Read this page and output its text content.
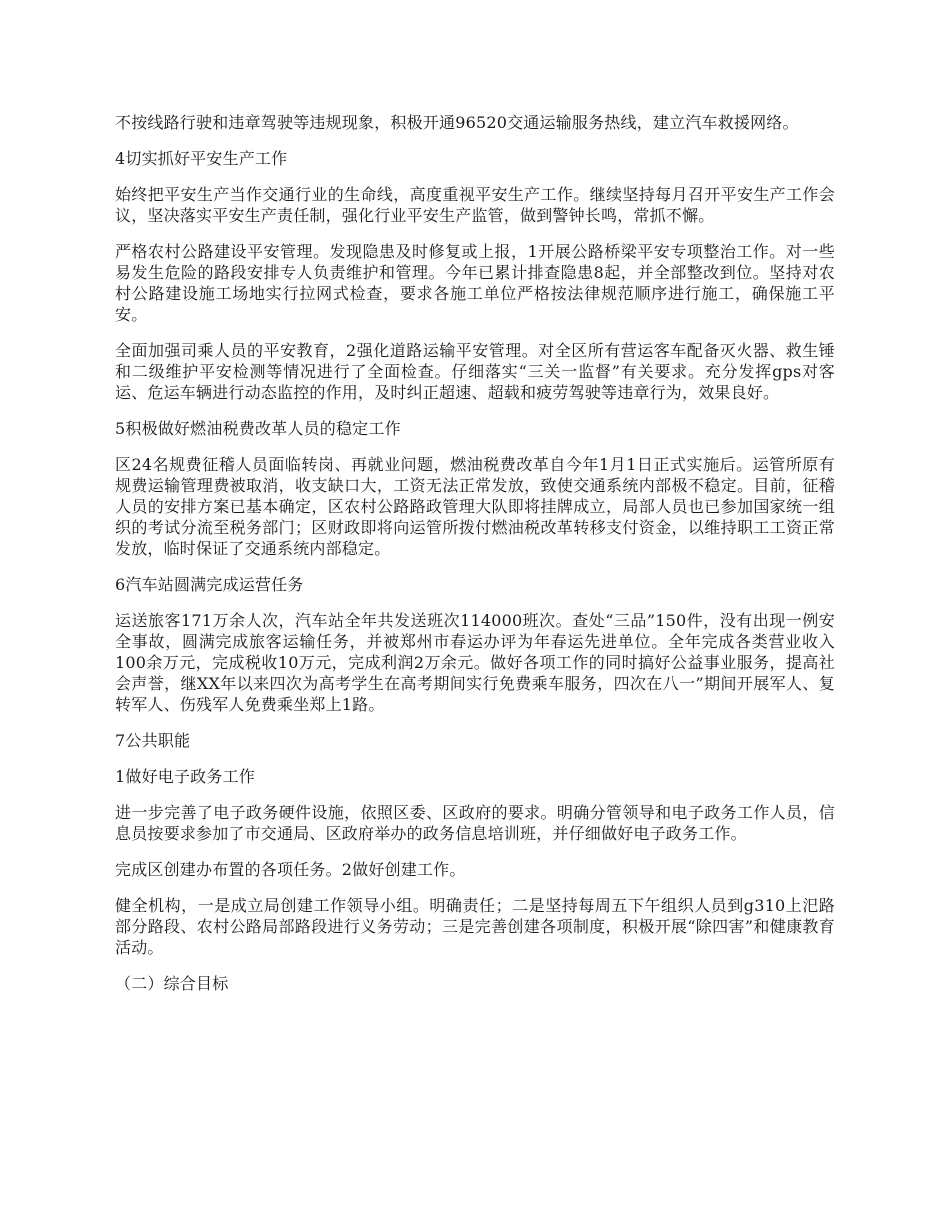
不按线路行驶和违章驾驶等违规现象，积极开通96520交通运输服务热线，建立汽车救援网络。

4切实抓好平安生产工作

始终把平安生产当作交通行业的生命线，高度重视平安生产工作。继续坚持每月召开平安生产工作会议，坚决落实平安生产责任制，强化行业平安生产监管，做到警钟长鸣，常抓不懈。

严格农村公路建设平安管理。发现隐患及时修复或上报，1开展公路桥梁平安专项整治工作。对一些易发生危险的路段安排专人负责维护和管理。今年已累计排查隐患8起，并全部整改到位。坚持对农村公路建设施工场地实行拉网式检查，要求各施工单位严格按法律规范顺序进行施工，确保施工平安。

全面加强司乘人员的平安教育，2强化道路运输平安管理。对全区所有营运客车配备灭火器、救生锤和二级维护平安检测等情况进行了全面检查。仔细落实“三关一监督”有关要求。充分发挥gps对客运、危运车辆进行动态监控的作用，及时纠正超速、超载和疲劳驾驶等违章行为，效果良好。

5积极做好燃油税费改革人员的稳定工作

区24名规费征稽人员面临转岗、再就业问题，燃油税费改革自今年1月1日正式实施后。运管所原有规费运输管理费被取消，收支缺口大，工资无法正常发放，致使交通系统内部极不稳定。目前，征稽人员的安排方案已基本确定，区农村公路路政管理大队即将挂牌成立，局部人员也已参加国家统一组织的考试分流至税务部门；区财政即将向运管所拨付燃油税改革转移支付资金，以维持职工工资正常发放，临时保证了交通系统内部稳定。

6汽车站圆满完成运营任务

运送旅客171万余人次，汽车站全年共发送班次114000班次。查处“三品”150件，没有出现一例安全事故，圆满完成旅客运输任务，并被郑州市春运办评为年春运先进单位。全年完成各类营业收入100余万元，完成税收10万元，完成利润2万余元。做好各项工作的同时搞好公益事业服务，提高社会声誉，继XX年以来四次为高考学生在高考期间实行免费乘车服务，四次在八一”期间开展军人、复转军人、伤残军人免费乘坐郑上1路。

7公共职能

1做好电子政务工作

进一步完善了电子政务硬件设施，依照区委、区政府的要求。明确分管领导和电子政务工作人员，信息员按要求参加了市交通局、区政府举办的政务信息培训班，并仔细做好电子政务工作。

完成区创建办布置的各项任务。2做好创建工作。

健全机构，一是成立局创建工作领导小组。明确责任；二是坚持每周五下午组织人员到g310上汜路部分路段、农村公路局部路段进行义务劳动；三是完善创建各项制度，积极开展“除四害”和健康教育活动。

（二）综合目标
